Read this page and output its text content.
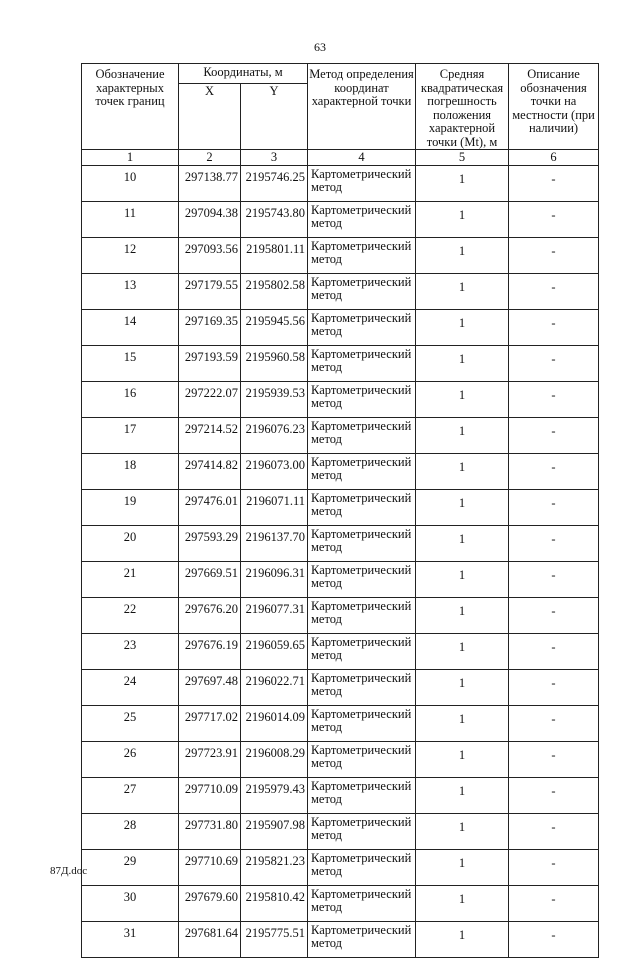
63
Обозначение характерных точек границ	Координаты, м		Метод определения координат характерной точки	Средняя квадратическая погрешность положения характерной точки (Mt), м	Описание обозначения точки на местности (при наличии)
	X	Y			
1	2	3	4	5	6
10	297138.77	2195746.25	Картометрический метод	1	-
11	297094.38	2195743.80	Картометрический метод	1	-
12	297093.56	2195801.11	Картометрический метод	1	-
13	297179.55	2195802.58	Картометрический метод	1	-
14	297169.35	2195945.56	Картометрический метод	1	-
15	297193.59	2195960.58	Картометрический метод	1	-
16	297222.07	2195939.53	Картометрический метод	1	-
17	297214.52	2196076.23	Картометрический метод	1	-
18	297414.82	2196073.00	Картометрический метод	1	-
19	297476.01	2196071.11	Картометрический метод	1	-
20	297593.29	2196137.70	Картометрический метод	1	-
21	297669.51	2196096.31	Картометрический метод	1	-
22	297676.20	2196077.31	Картометрический метод	1	-
23	297676.19	2196059.65	Картометрический метод	1	-
24	297697.48	2196022.71	Картометрический метод	1	-
25	297717.02	2196014.09	Картометрический метод	1	-
26	297723.91	2196008.29	Картометрический метод	1	-
27	297710.09	2195979.43	Картометрический метод	1	-
28	297731.80	2195907.98	Картометрический метод	1	-
29	297710.69	2195821.23	Картометрический метод	1	-
30	297679.60	2195810.42	Картометрический метод	1	-
31	297681.64	2195775.51	Картометрический метод	1	-
87Д.doc
